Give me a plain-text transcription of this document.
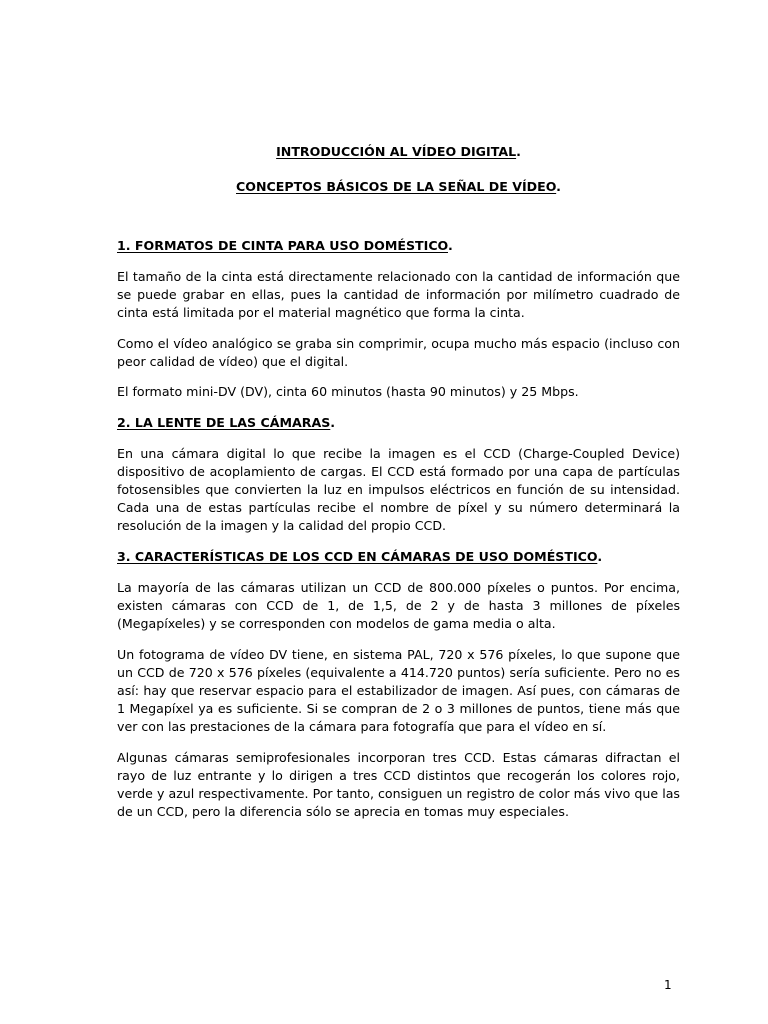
INTRODUCCIÓN AL VÍDEO DIGITAL.
CONCEPTOS BÁSICOS DE LA SEÑAL DE VÍDEO.
1. FORMATOS DE CINTA PARA USO DOMÉSTICO.

El tamaño de la cinta está directamente relacionado con la cantidad de información que se puede grabar en ellas, pues la cantidad de información por milímetro cuadrado de cinta está limitada por el material magnético que forma la cinta.

Como el vídeo analógico se graba sin comprimir, ocupa mucho más espacio (incluso con peor calidad de vídeo) que el digital.

El formato mini-DV (DV), cinta 60 minutos (hasta 90 minutos) y 25 Mbps.

2. LA LENTE DE LAS CÁMARAS.

En una cámara digital lo que recibe la imagen es el CCD (Charge-Coupled Device) dispositivo de acoplamiento de cargas. El CCD está formado por una capa de partículas fotosensibles que convierten la luz en impulsos eléctricos en función de su intensidad. Cada una de estas partículas recibe el nombre de píxel y su número determinará la resolución de la imagen y la calidad del propio CCD.

3. CARACTERÍSTICAS DE LOS CCD EN CÁMARAS DE USO DOMÉSTICO.

La mayoría de las cámaras utilizan un CCD de 800.000 píxeles o puntos. Por encima, existen cámaras con CCD de 1, de 1,5, de 2 y de hasta 3 millones de píxeles (Megapíxeles) y se corresponden con modelos de gama media o alta.

Un fotograma de vídeo DV tiene, en sistema PAL, 720 x 576 píxeles, lo que supone que un CCD de 720 x 576 píxeles (equivalente a 414.720 puntos) sería suficiente. Pero no es así: hay que reservar espacio para el estabilizador de imagen. Así pues, con cámaras de 1 Megapíxel ya es suficiente. Si se compran de 2 o 3 millones de puntos, tiene más que ver con las prestaciones de la cámara para fotografía que para el vídeo en sí.

Algunas cámaras semiprofesionales incorporan tres CCD. Estas cámaras difractan el rayo de luz entrante y lo dirigen a tres CCD distintos que recogerán los colores rojo, verde y azul respectivamente. Por tanto, consiguen un registro de color más vivo que las de un CCD, pero la diferencia sólo se aprecia en tomas muy especiales.

1
